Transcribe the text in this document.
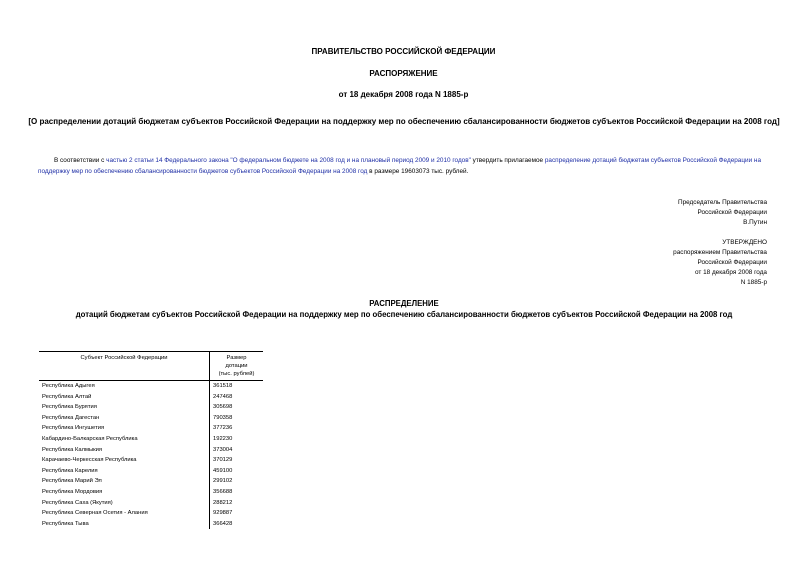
ПРАВИТЕЛЬСТВО РОССИЙСКОЙ ФЕДЕРАЦИИ
РАСПОРЯЖЕНИЕ
от 18 декабря 2008 года N 1885-р
[О распределении дотаций бюджетам субъектов Российской Федерации на поддержку мер по обеспечению сбалансированности бюджетов субъектов Российской Федерации на 2008 год]
В соответствии с частью 2 статьи 14 Федерального закона "О федеральном бюджете на 2008 год и на плановый период 2009 и 2010 годов" утвердить прилагаемое распределение дотаций бюджетам субъектов Российской Федерации на поддержку мер по обеспечению сбалансированности бюджетов субъектов Российской Федерации на 2008 год в размере 19603073 тыс. рублей.
Председатель Правительства
Российской Федерации
В.Путин
УТВЕРЖДЕНО
распоряжением Правительства
Российской Федерации
от 18 декабря 2008 года
N 1885-р
РАСПРЕДЕЛЕНИЕ
дотаций бюджетам субъектов Российской Федерации на поддержку мер по обеспечению сбалансированности бюджетов субъектов Российской Федерации на 2008 год
Субъект Российской Федерации	Размер
дотации
(тыс. рублей)

Республика Адыгея	361518
Республика Алтай	247468
Республика Бурятия	305698
Республика Дагестан	790358
Республика Ингушетия	377236
Кабардино-Балкарская Республика	192230
Республика Калмыкия	373004
Карачаево-Черкесская Республика	370129
Республика Карелия	459100
Республика Марий Эл	299102
Республика Мордовия	356688
Республика Саха (Якутия)	288212
Республика Северная Осетия - Алания	929887
Республика Тыва	366428
